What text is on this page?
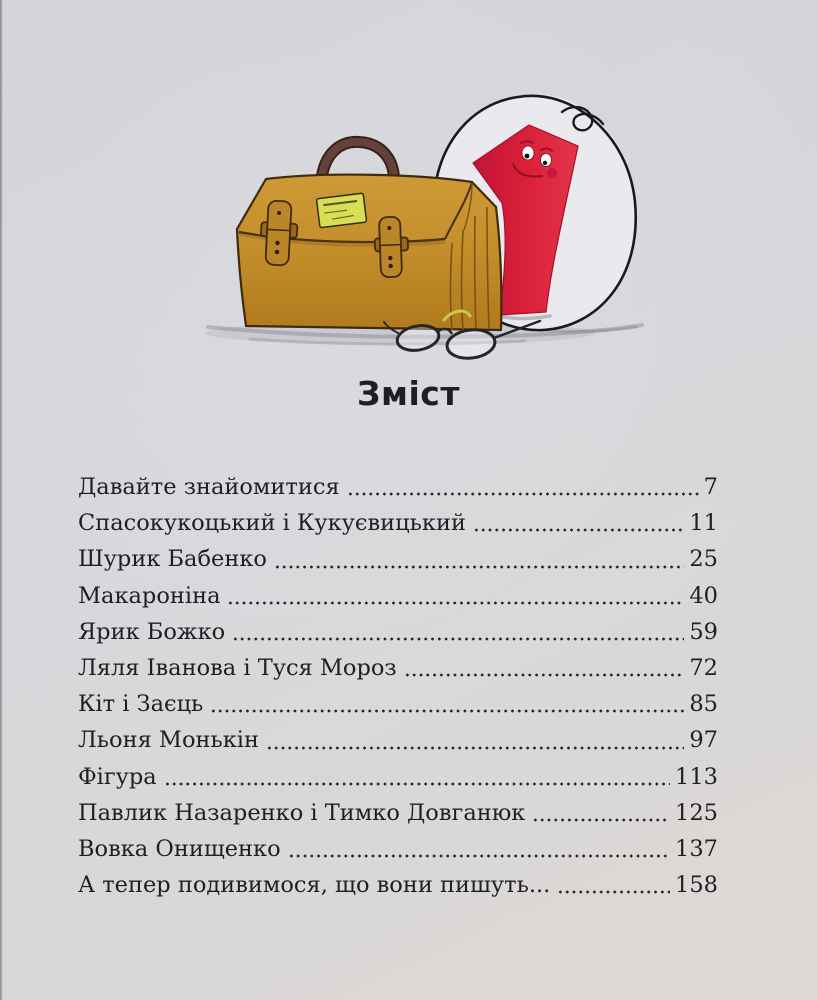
Зміст
Давайте знайомитися	7
Спасокукоцький і Кукуєвицький	11
Шурик Бабенко	25
Макароніна	40
Ярик Божко	59
Ляля Іванова і Туся Мороз	72
Кіт і Заєць	85
Льоня Монькін	97
Фігура	113
Павлик Назаренко і Тимко Довганюк	125
Вовка Онищенко	137
А тепер подивимося, що вони пишуть...	158
